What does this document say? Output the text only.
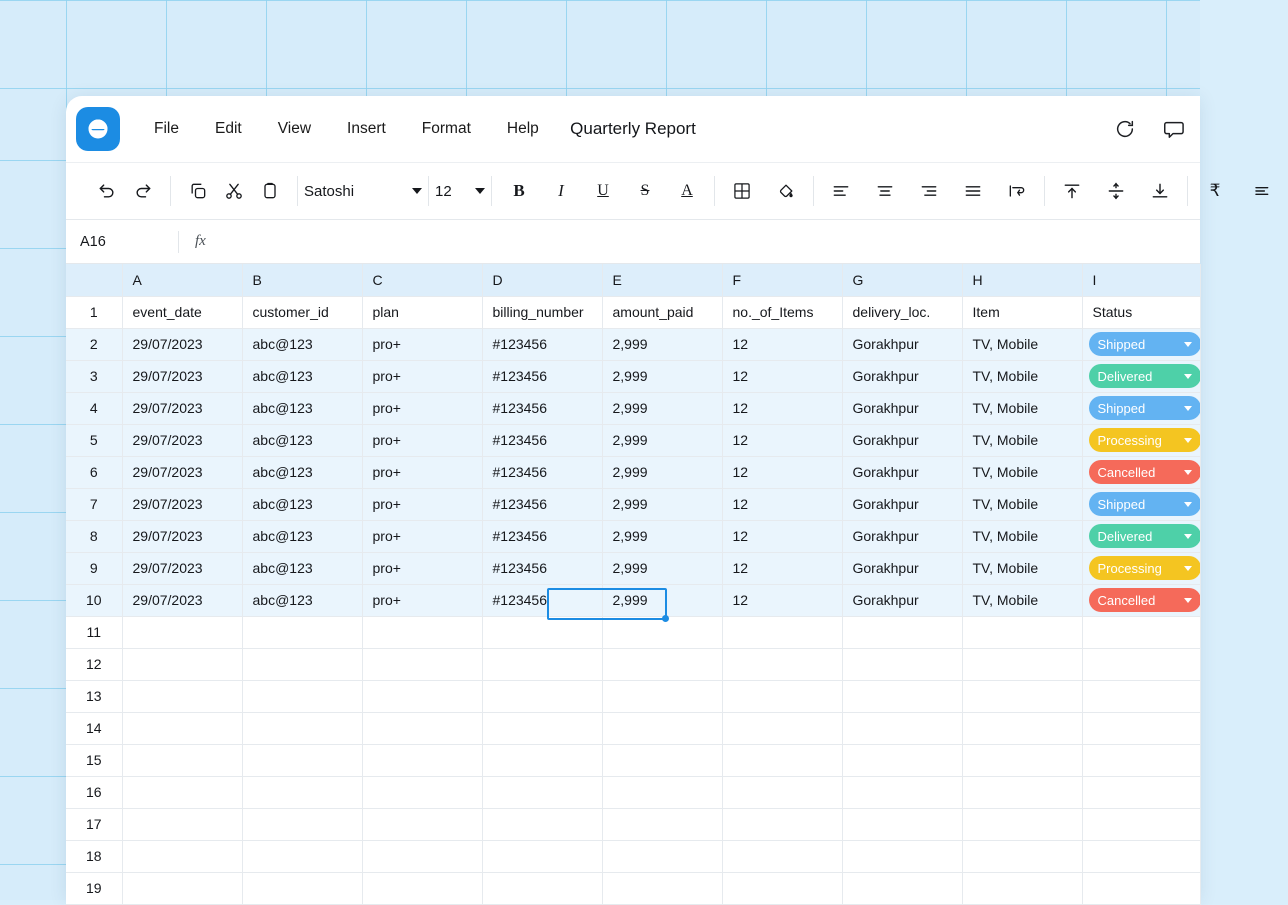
File	Edit	View	Insert	Format	Help	Quarterly Report
Satoshi	12	B I U S A	₹
A16	fx
	A	B	C	D	E	F	G	H	I
1	event_date	customer_id	plan	billing_number	amount_paid	no._of_Items	delivery_loc.	Item	Status
2	29/07/2023	abc@123	pro+	#123456	2,999	12	Gorakhpur	TV, Mobile	Shipped

3	29/07/2023	abc@123	pro+	#123456	2,999	12	Gorakhpur	TV, Mobile	Delivered

4	29/07/2023	abc@123	pro+	#123456	2,999	12	Gorakhpur	TV, Mobile	Shipped

5	29/07/2023	abc@123	pro+	#123456	2,999	12	Gorakhpur	TV, Mobile	Processing

6	29/07/2023	abc@123	pro+	#123456	2,999	12	Gorakhpur	TV, Mobile	Cancelled

7	29/07/2023	abc@123	pro+	#123456	2,999	12	Gorakhpur	TV, Mobile	Shipped

8	29/07/2023	abc@123	pro+	#123456	2,999	12	Gorakhpur	TV, Mobile	Delivered

9	29/07/2023	abc@123	pro+	#123456	2,999	12	Gorakhpur	TV, Mobile	Processing

10	29/07/2023	abc@123	pro+	#123456	2,999	12	Gorakhpur	TV, Mobile	Cancelled

11									
12									
13									
14									
15									
16									
17									
18									
19									
